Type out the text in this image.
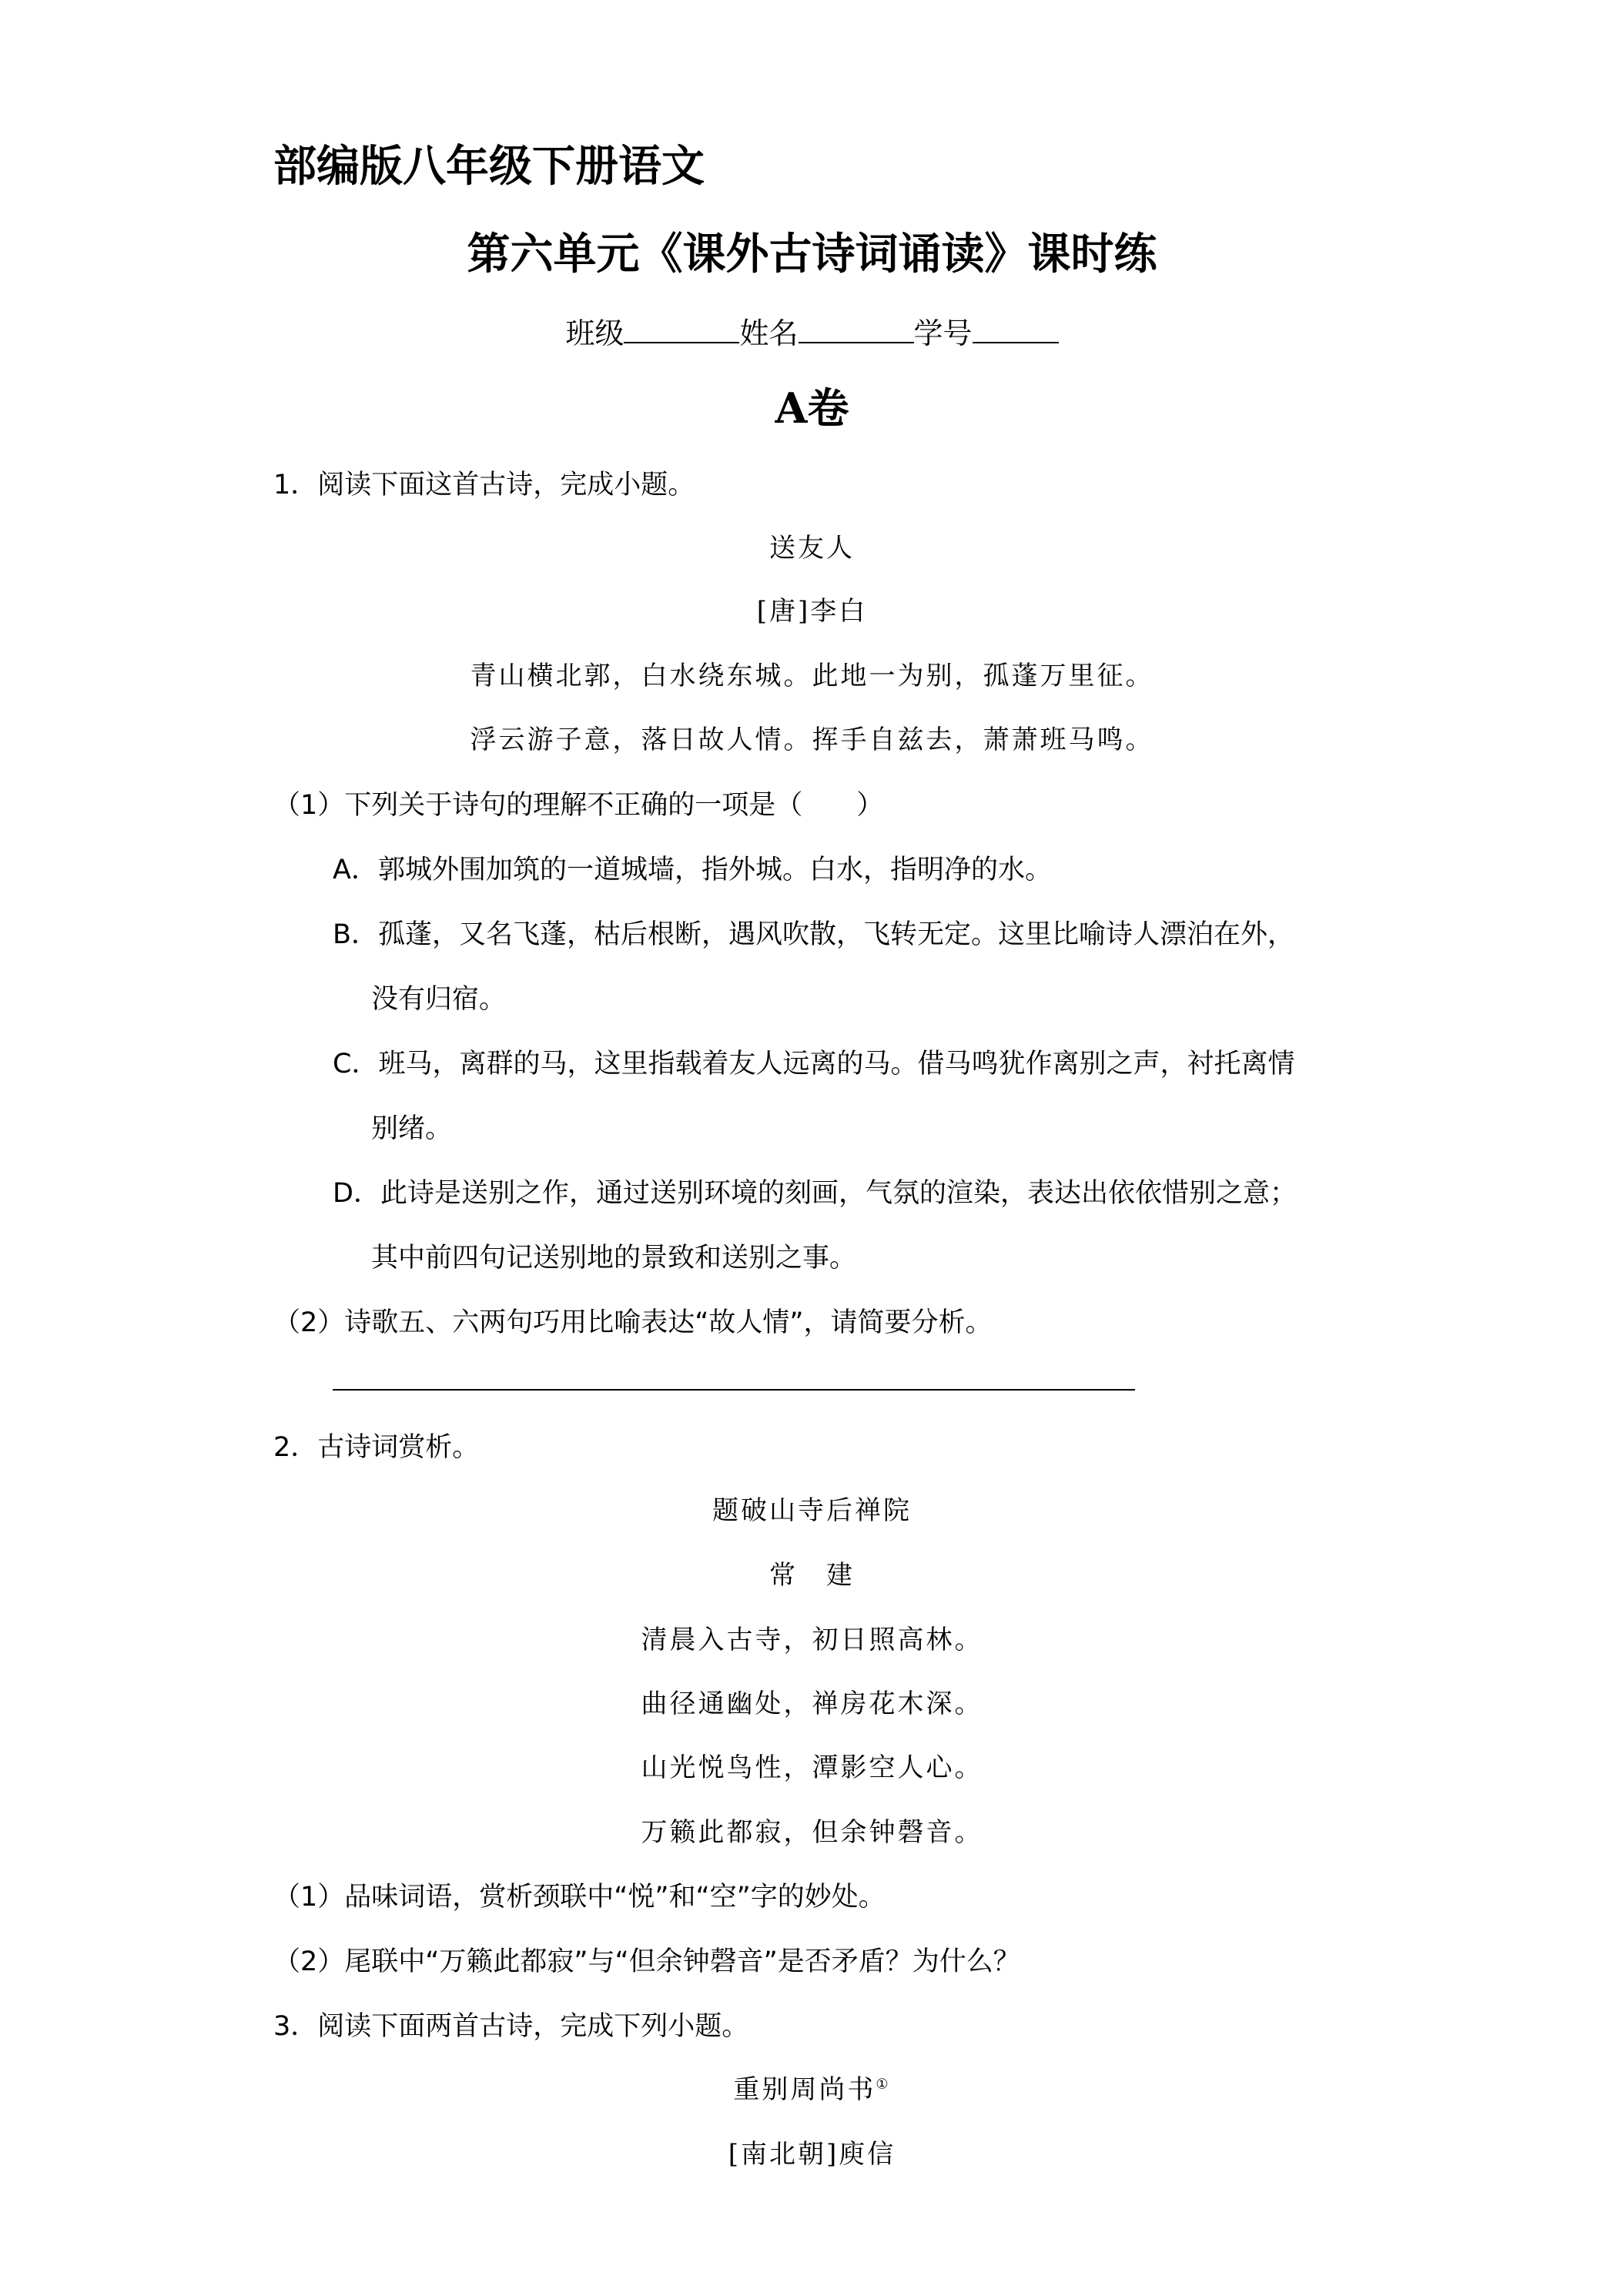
部编版八年级下册语文
第六单元《课外古诗词诵读》课时练
班级	姓名	学号
A卷
1．阅读下面这首古诗，完成小题。
送友人
[唐]李白
青山横北郭，白水绕东城。此地一为别，孤蓬万里征。
浮云游子意，落日故人情。挥手自兹去，萧萧班马鸣。
（1）下列关于诗句的理解不正确的一项是（　　）
A．郭城外围加筑的一道城墙，指外城。白水，指明净的水。
B．孤蓬，又名飞蓬，枯后根断，遇风吹散，飞转无定。这里比喻诗人漂泊在外，
没有归宿。
C．班马，离群的马，这里指载着友人远离的马。借马鸣犹作离别之声，衬托离情
别绪。
D．此诗是送别之作，通过送别环境的刻画，气氛的渲染，表达出依依惜别之意；
其中前四句记送别地的景致和送别之事。
（2）诗歌五、六两句巧用比喻表达“故人情”，请简要分析。
2．古诗词赏析。
题破山寺后禅院
常　建
清晨入古寺，初日照高林。
曲径通幽处，禅房花木深。
山光悦鸟性，潭影空人心。
万籁此都寂，但余钟磬音。
（1）品味词语，赏析颈联中“悦”和“空”字的妙处。
（2）尾联中“万籁此都寂”与“但余钟磬音”是否矛盾？为什么？
3．阅读下面两首古诗，完成下列小题。
重别周尚书①
[南北朝]庾信
